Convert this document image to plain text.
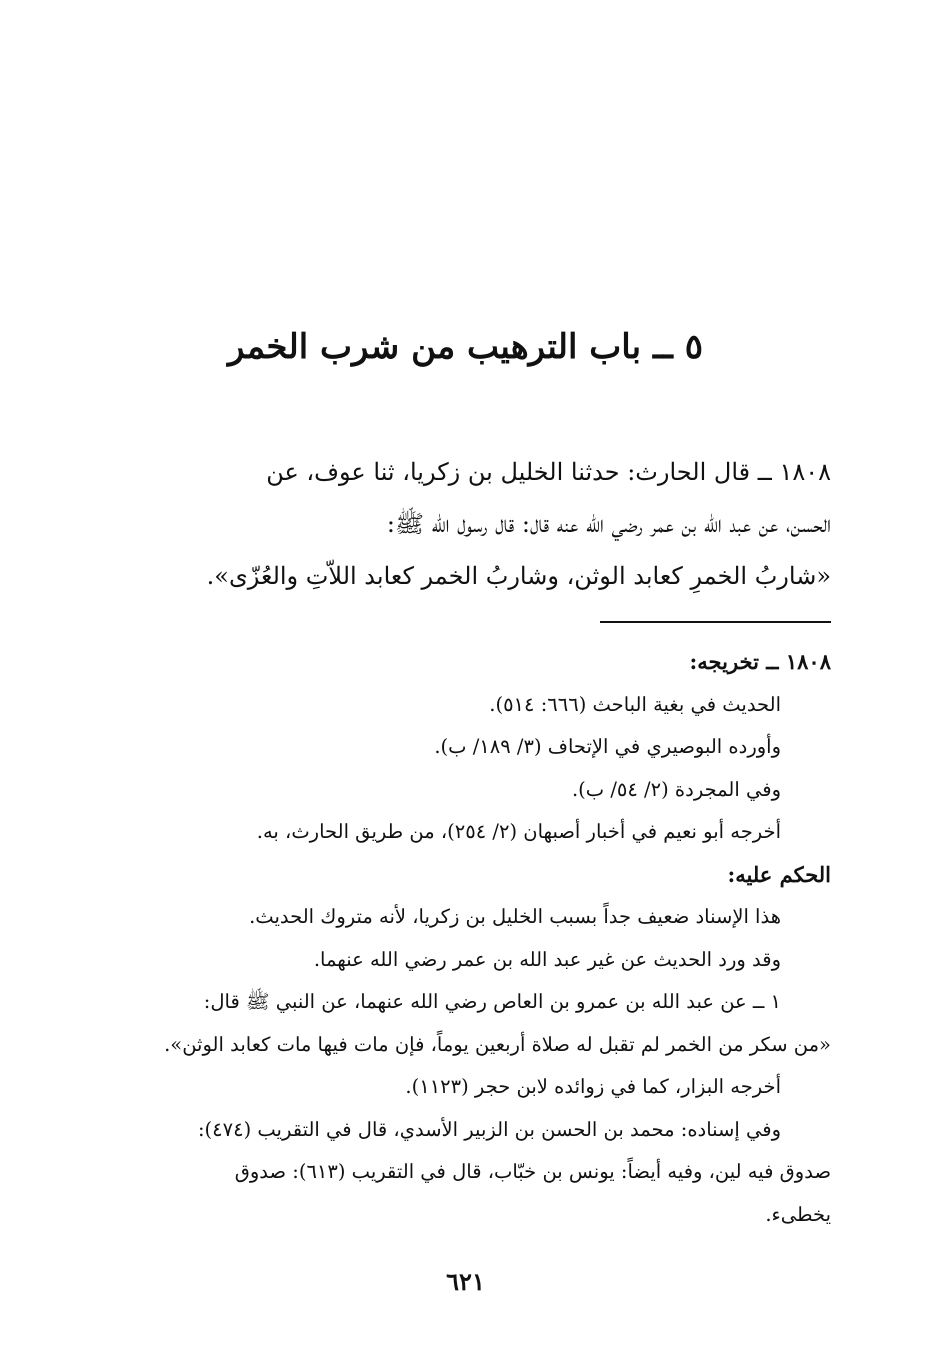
٥ ــ باب الترهيب من شرب الخمر

١٨٠٨ ــ قال الحارث: حدثنا الخليل بن زكريا، ثنا عوف، عن

الحسن، عن عبد الله بن عمر رضي الله عنه قال: قال رسول الله ﷺ:

«شاربُ الخمرِ كعابد الوثن، وشاربُ الخمر كعابد اللاّتِ والعُزّى».

١٨٠٨ ــ تخريجه:

الحديث في بغية الباحث (٦٦٦: ٥١٤).

وأورده البوصيري في الإتحاف (٣/ ١٨٩/ ب).

وفي المجردة (٢/ ٥٤/ ب).

أخرجه أبو نعيم في أخبار أصبهان (٢/ ٢٥٤)، من طريق الحارث، به.

الحكم عليه:

هذا الإسناد ضعيف جداً بسبب الخليل بن زكريا، لأنه متروك الحديث.

وقد ورد الحديث عن غير عبد الله بن عمر رضي الله عنهما.

١ ــ عن عبد الله بن عمرو بن العاص رضي الله عنهما، عن النبي ﷺ قال:

«من سكر من الخمر لم تقبل له صلاة أربعين يوماً، فإن مات فيها مات كعابد الوثن».

أخرجه البزار، كما في زوائده لابن حجر (١١٢٣).

وفي إسناده: محمد بن الحسن بن الزبير الأسدي، قال في التقريب (٤٧٤):

صدوق فيه لين، وفيه أيضاً: يونس بن خبّاب، قال في التقريب (٦١٣): صدوق

يخطىء.

٦٢١
